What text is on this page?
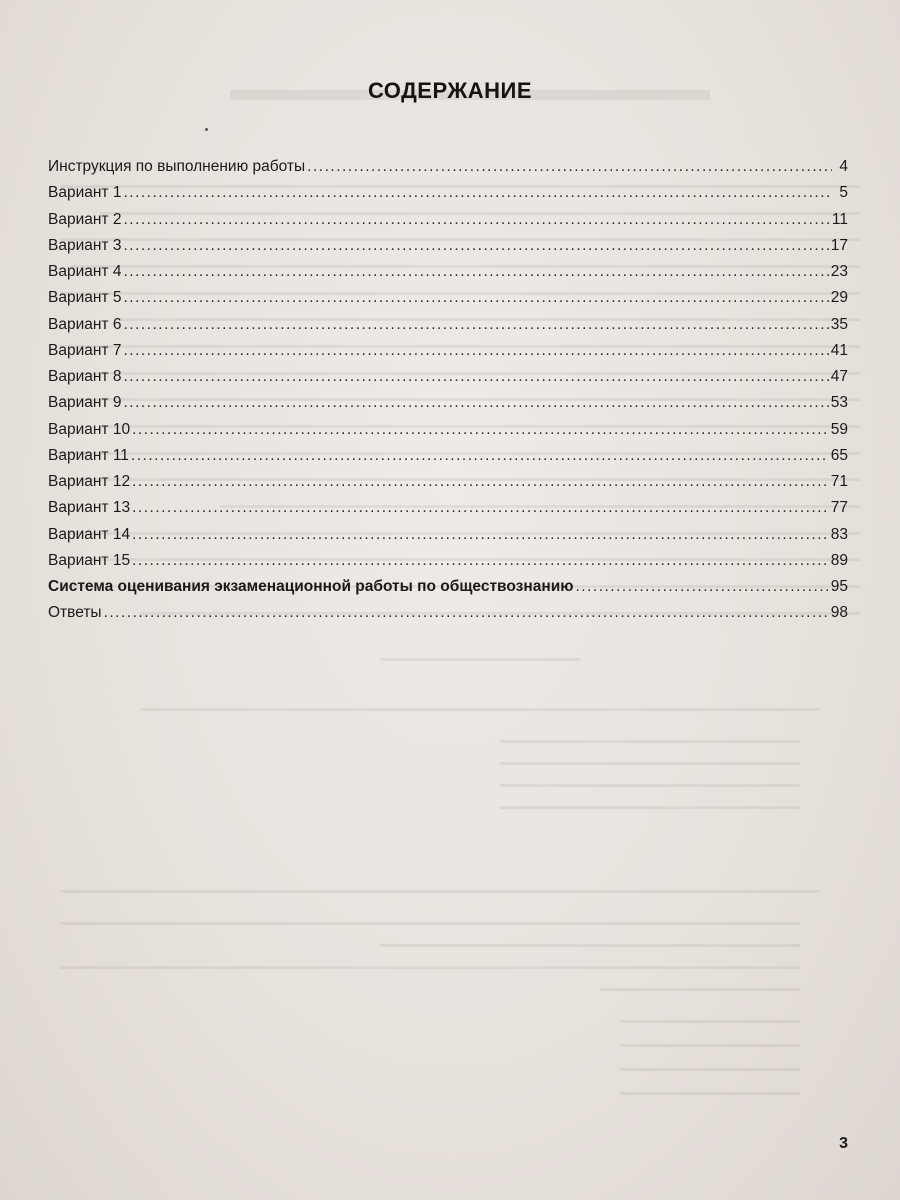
СОДЕРЖАНИЕ
Инструкция по выполнению работы .....	4
Вариант 1 .....	5
Вариант 2 .....	11
Вариант 3 .....	17
Вариант 4 .....	23
Вариант 5 .....	29
Вариант 6 .....	35
Вариант 7 .....	41
Вариант 8 .....	47
Вариант 9 .....	53
Вариант 10 .....	59
Вариант 11 .....	65
Вариант 12 .....	71
Вариант 13 .....	77
Вариант 14 .....	83
Вариант 15 .....	89
Система оценивания экзаменационной работы по обществознанию .....	95
Ответы .....	98
3
